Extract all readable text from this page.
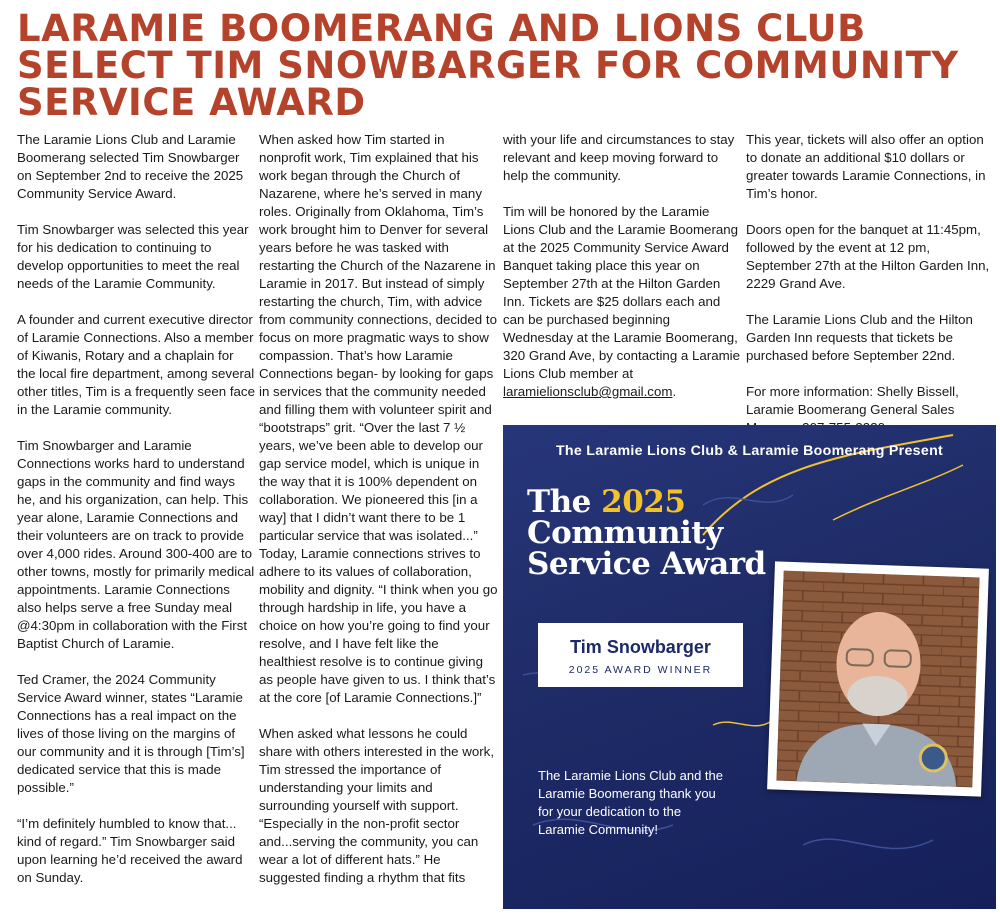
LARAMIE BOOMERANG AND LIONS CLUB
SELECT TIM SNOWBARGER FOR COMMUNITY
SERVICE AWARD

The Laramie Lions Club and Laramie Boomerang selected Tim Snowbarger on September 2nd to receive the 2025 Community Service Award.

Tim Snowbarger was selected this year for his dedication to continuing to develop opportunities to meet the real needs of the Laramie Community.

A founder and current executive director of Laramie Connections. Also a member of Kiwanis, Rotary and a chaplain for the local fire department, among several other titles, Tim is a frequently seen face in the Laramie community.

Tim Snowbarger and Laramie Connections works hard to understand gaps in the community and find ways he, and his organization, can help. This year alone, Laramie Connections and their volunteers are on track to provide over 4,000 rides. Around 300-400 are to other towns, mostly for primarily medical appointments. Laramie Connections also helps serve a free Sunday meal @4:30pm in collaboration with the First Baptist Church of Laramie.

Ted Cramer, the 2024 Community Service Award winner, states “Laramie Connections has a real impact on the lives of those living on the margins of our community and it is through [Tim’s] dedicated service that this is made possible.”

“I’m definitely humbled to know that... kind of regard.” Tim Snowbarger said upon learning he’d received the award on Sunday.

When asked how Tim started in nonprofit work, Tim explained that his work began through the Church of Nazarene, where he’s served in many roles. Originally from Oklahoma, Tim’s work brought him to Denver for several years before he was tasked with restarting the Church of the Nazarene in Laramie in 2017. But instead of simply restarting the church, Tim, with advice from community connections, decided to focus on more pragmatic ways to show compassion. That’s how Laramie Connections began- by looking for gaps in services that the community needed and filling them with volunteer spirit and “bootstraps” grit. “Over the last 7 ½ years, we’ve been able to develop our gap service model, which is unique in the way that it is 100% dependent on collaboration. We pioneered this [in a way] that I didn’t want there to be 1 particular service that was isolated...” Today, Laramie connections strives to adhere to its values of collaboration, mobility and dignity. “I think when you go through hardship in life, you have a choice on how you’re going to find your resolve, and I have felt like the healthiest resolve is to continue giving as people have given to us. I think that’s at the core [of Laramie Connections.]”

When asked what lessons he could share with others interested in the work, Tim stressed the importance of understanding your limits and surrounding yourself with support. “Especially in the non-profit sector and...serving the community, you can wear a lot of different hats.” He suggested finding a rhythm that fits

with your life and circumstances to stay relevant and keep moving forward to help the community.

Tim will be honored by the Laramie Lions Club and the Laramie Boomerang at the 2025 Community Service Award Banquet taking place this year on September 27th at the Hilton Garden Inn. Tickets are $25 dollars each and can be purchased beginning Wednesday at the Laramie Boomerang, 320 Grand Ave, by contacting a Laramie Lions Club member at laramielionsclub@gmail.com.

This year, tickets will also offer an option to donate an additional $10 dollars or greater towards Laramie Connections, in Tim’s honor.

Doors open for the banquet at 11:45pm, followed by the event at 12 pm, September 27th at the Hilton Garden Inn, 2229 Grand Ave.

The Laramie Lions Club and the Hilton Garden Inn requests that tickets be purchased before September 22nd.

For more information: Shelly Bissell, Laramie Boomerang General Sales

The Laramie Lions Club & Laramie Boomerang Present
The 2025
Community
Service Award
Tim Snowbarger
2025 AWARD WINNER
The Laramie Lions Club and the Laramie Boomerang thank you for your dedication to the Laramie Community!
